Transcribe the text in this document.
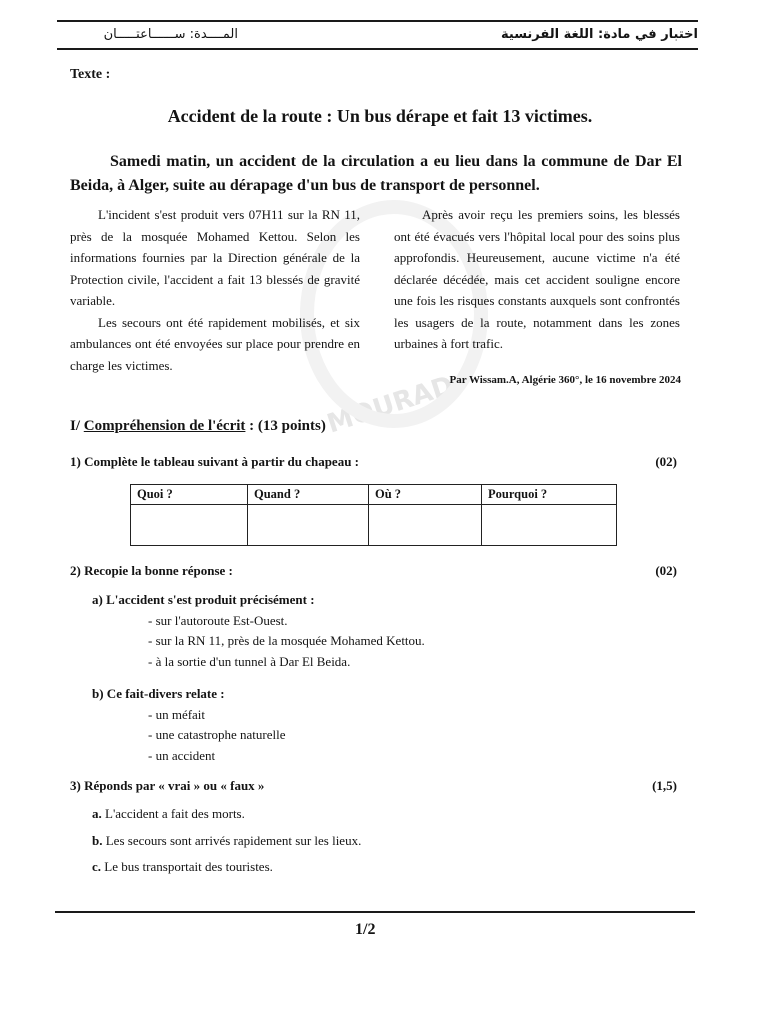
MOURAD
اختبار في مادة: اللغة الفرنسية
المــــدة: ســــــاعتـــــان
Texte :
Accident de la route : Un bus dérape et fait 13 victimes.
Samedi matin, un accident de la circulation a eu lieu dans la commune de Dar El Beida, à Alger, suite au dérapage d'un bus de transport de personnel.

L'incident s'est produit vers 07H11 sur la RN 11, près de la mosquée Mohamed Kettou. Selon les informations fournies par la Direction générale de la Protection civile, l'accident a fait 13 blessés de gravité variable.

Les secours ont été rapidement mobilisés, et six ambulances ont été envoyées sur place pour prendre en charge les victimes.

Après avoir reçu les premiers soins, les blessés ont été évacués vers l'hôpital local pour des soins plus approfondis. Heureusement, aucune victime n'a été déclarée décédée, mais cet accident souligne encore une fois les risques constants auxquels sont confrontés les usagers de la route, notamment dans les zones urbaines à fort trafic.

Par Wissam.A, Algérie 360°, le 16 novembre 2024
I/ Compréhension de l'écrit : (13 points)
1) Complète le tableau suivant à partir du chapeau :	(02)
Quoi ?	Quand ?	Où ?	Pourquoi ?

2) Recopie la bonne réponse :	(02)
a) L'accident s'est produit précisément :
- sur l'autoroute Est-Ouest.
- sur la RN 11, près de la mosquée Mohamed Kettou.
- à la sortie d'un tunnel à Dar El Beida.
b) Ce fait-divers relate :
- un méfait
- une catastrophe naturelle
- un accident
3) Réponds par « vrai » ou « faux »	(1,5)
a. L'accident a fait des morts.
b. Les secours sont arrivés rapidement sur les lieux.
c. Le bus transportait des touristes.
1/2
